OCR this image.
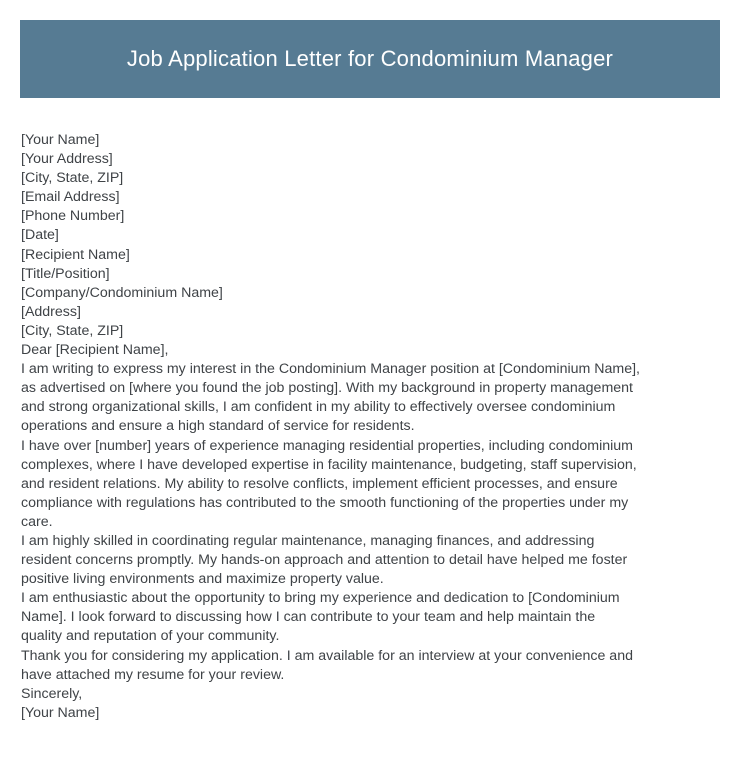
Job Application Letter for Condominium Manager
[Your Name]
[Your Address]
[City, State, ZIP]
[Email Address]
[Phone Number]
[Date]
[Recipient Name]
[Title/Position]
[Company/Condominium Name]
[Address]
[City, State, ZIP]
Dear [Recipient Name],
I am writing to express my interest in the Condominium Manager position at [Condominium Name],
as advertised on [where you found the job posting]. With my background in property management
and strong organizational skills, I am confident in my ability to effectively oversee condominium
operations and ensure a high standard of service for residents.
I have over [number] years of experience managing residential properties, including condominium
complexes, where I have developed expertise in facility maintenance, budgeting, staff supervision,
and resident relations. My ability to resolve conflicts, implement efficient processes, and ensure
compliance with regulations has contributed to the smooth functioning of the properties under my
care.
I am highly skilled in coordinating regular maintenance, managing finances, and addressing
resident concerns promptly. My hands-on approach and attention to detail have helped me foster
positive living environments and maximize property value.
I am enthusiastic about the opportunity to bring my experience and dedication to [Condominium
Name]. I look forward to discussing how I can contribute to your team and help maintain the
quality and reputation of your community.
Thank you for considering my application. I am available for an interview at your convenience and
have attached my resume for your review.
Sincerely,
[Your Name]
